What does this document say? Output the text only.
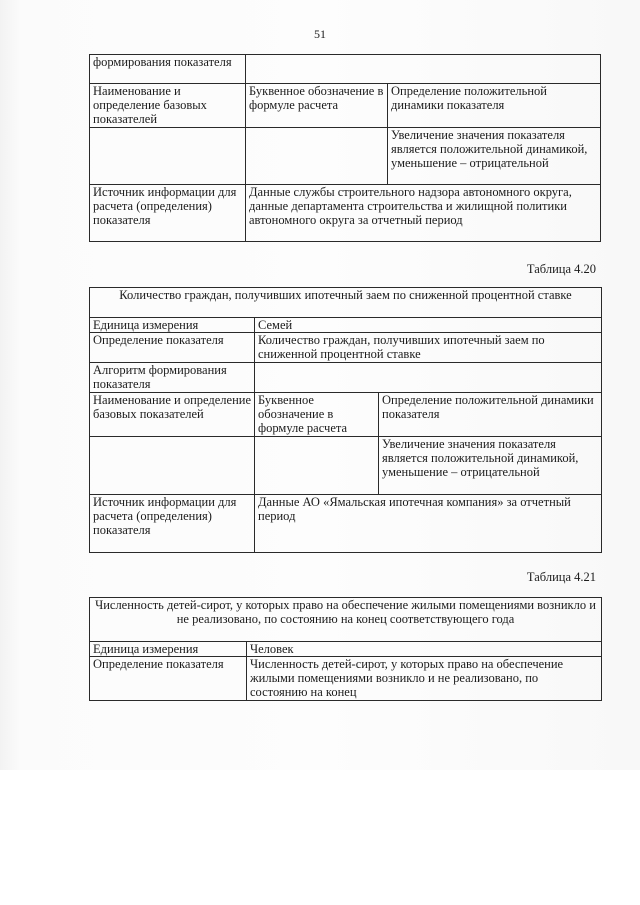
51
формирования показателя		
Наименование и определение базовых показателей	Буквенное обозначение в формуле расчета	Определение положительной динамики показателя
		Увеличение значения показателя является положительной динамикой, уменьшение – отрицательной
Источник информации для расчета (определения) показателя	Данные службы строительного надзора автономного округа, данные департамента строительства и жилищной политики автономного округа за отчетный период	
Таблица 4.20
Количество граждан, получивших ипотечный заем по сниженной процентной ставке		
Единица измерения	Семей	
Определение показателя	Количество граждан, получивших ипотечный заем по сниженной процентной ставке	
Алгоритм формирования показателя		
Наименование и определение базовых показателей	Буквенное обозначение в формуле расчета	Определение положительной динамики показателя
		Увеличение значения показателя является положительной динамикой, уменьшение – отрицательной
Источник информации для расчета (определения) показателя	Данные АО «Ямальская ипотечная компания» за отчетный период	
Таблица 4.21
Численность детей-сирот, у которых право на обеспечение жилыми помещениями возникло и не реализовано, по состоянию на конец соответствующего года	
Единица измерения	Человек
Определение показателя	Численность детей-сирот, у которых право на обеспечение жилыми помещениями возникло и не реализовано, по состоянию на конец
